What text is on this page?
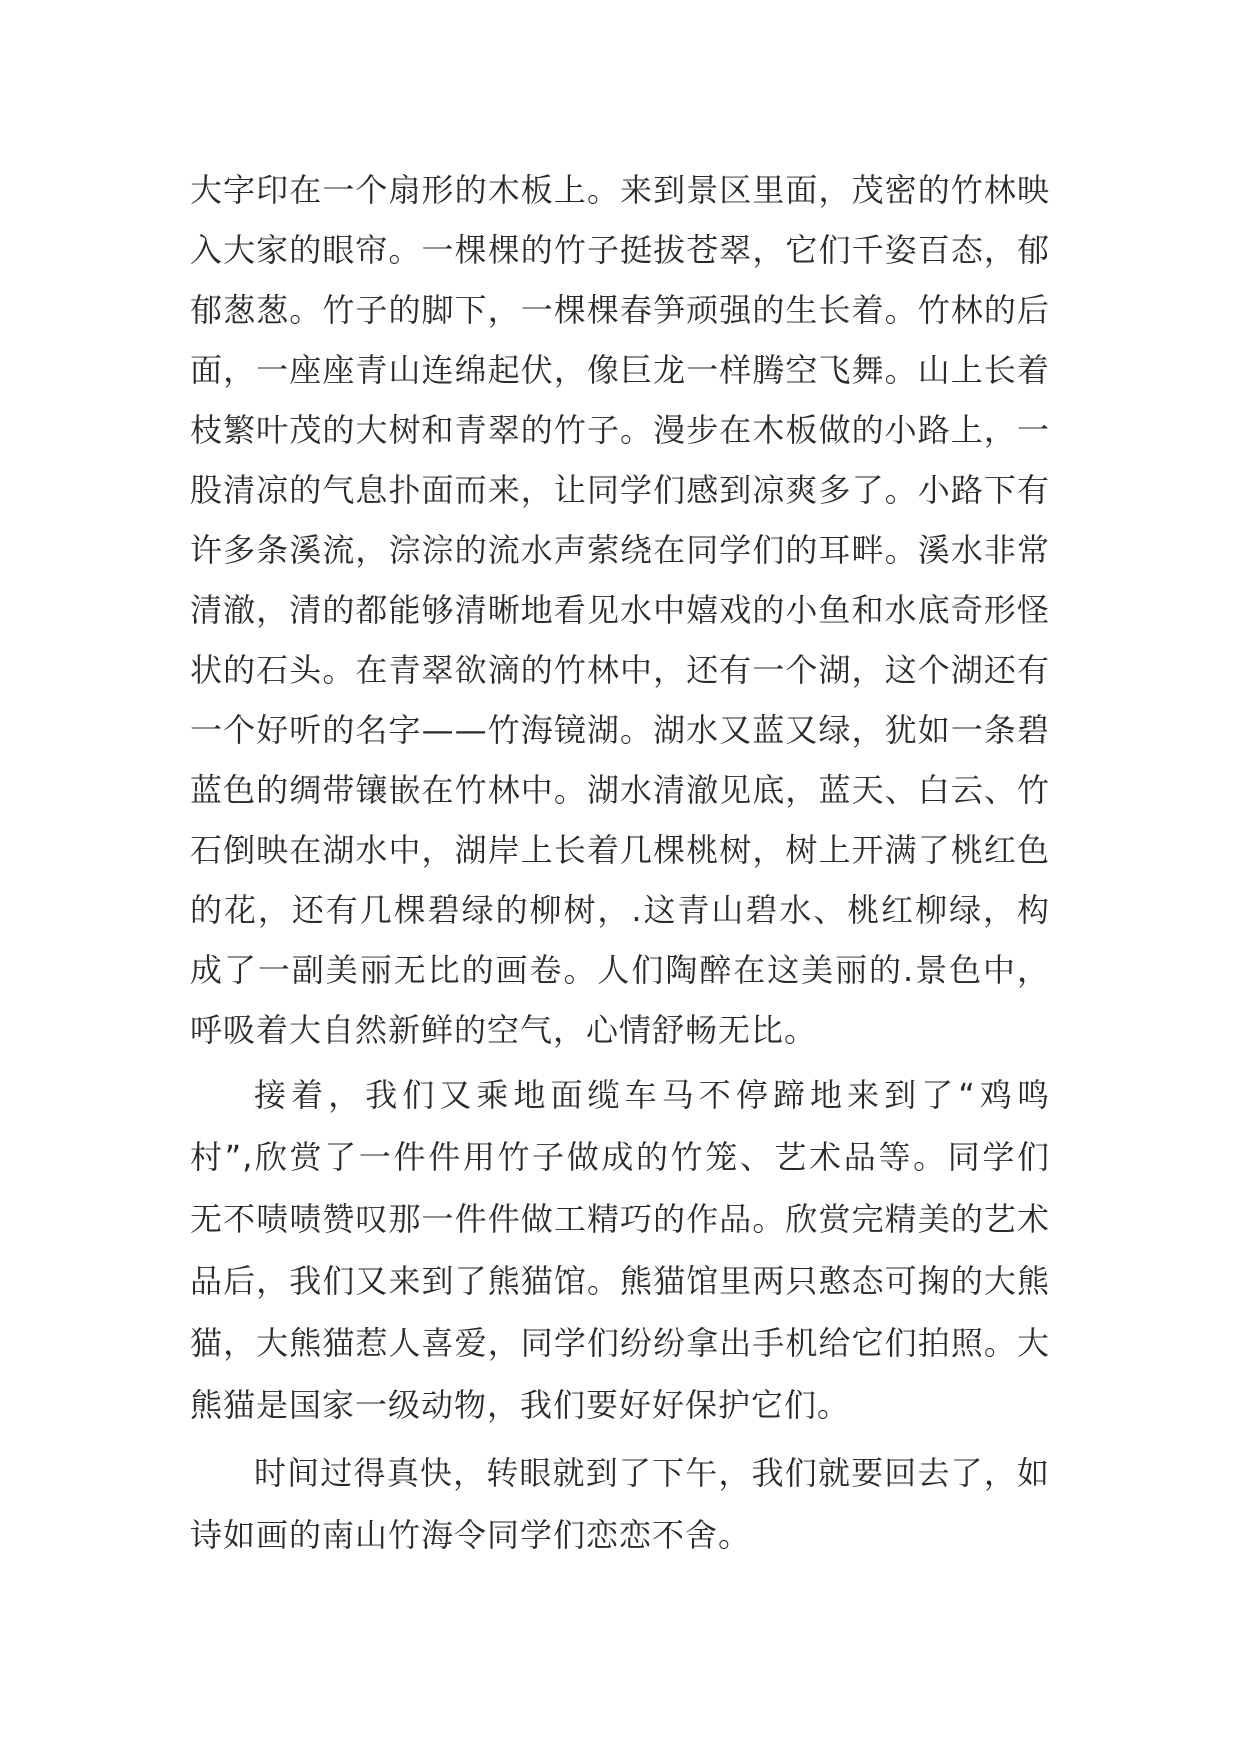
大字印在一个扇形的木板上。来到景区里面，茂密的竹林映
入大家的眼帘。一棵棵的竹子挺拔苍翠，它们千姿百态，郁
郁葱葱。竹子的脚下，一棵棵春笋顽强的生长着。竹林的后
面，一座座青山连绵起伏，像巨龙一样腾空飞舞。山上长着
枝繁叶茂的大树和青翠的竹子。漫步在木板做的小路上，一
股清凉的气息扑面而来，让同学们感到凉爽多了。小路下有
许多条溪流，淙淙的流水声萦绕在同学们的耳畔。溪水非常
清澈，清的都能够清晰地看见水中嬉戏的小鱼和水底奇形怪
状的石头。在青翠欲滴的竹林中，还有一个湖，这个湖还有
一个好听的名字——竹海镜湖。湖水又蓝又绿，犹如一条碧
蓝色的绸带镶嵌在竹林中。湖水清澈见底，蓝天、白云、竹
石倒映在湖水中，湖岸上长着几棵桃树，树上开满了桃红色
的花，还有几棵碧绿的柳树，.这青山碧水、桃红柳绿，构
成了一副美丽无比的画卷。人们陶醉在这美丽的.景色中，
呼吸着大自然新鲜的空气，心情舒畅无比。
接着，我们又乘地面缆车马不停蹄地来到了“鸡鸣
村”,欣赏了一件件用竹子做成的竹笼、艺术品等。同学们
无不啧啧赞叹那一件件做工精巧的作品。欣赏完精美的艺术
品后，我们又来到了熊猫馆。熊猫馆里两只憨态可掬的大熊
猫，大熊猫惹人喜爱，同学们纷纷拿出手机给它们拍照。大
熊猫是国家一级动物，我们要好好保护它们。
时间过得真快，转眼就到了下午，我们就要回去了，如
诗如画的南山竹海令同学们恋恋不舍。
